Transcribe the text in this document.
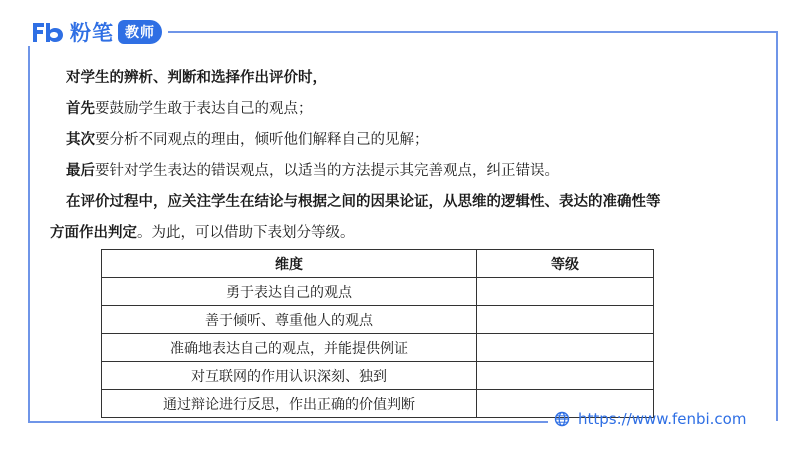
粉笔 教师
对学生的辨析、判断和选择作出评价时，
首先要鼓励学生敢于表达自己的观点；
其次要分析不同观点的理由，倾听他们解释自己的见解；
最后要针对学生表达的错误观点，以适当的方法提示其完善观点，纠正错误。
在评价过程中，应关注学生在结论与根据之间的因果论证，从思维的逻辑性、表达的准确性等
方面作出判定。为此，可以借助下表划分等级。
维度	等级
勇于表达自己的观点	
善于倾听、尊重他人的观点	
准确地表达自己的观点，并能提供例证	
对互联网的作用认识深刻、独到	
通过辩论进行反思，作出正确的价值判断	
https://www.fenbi.com
